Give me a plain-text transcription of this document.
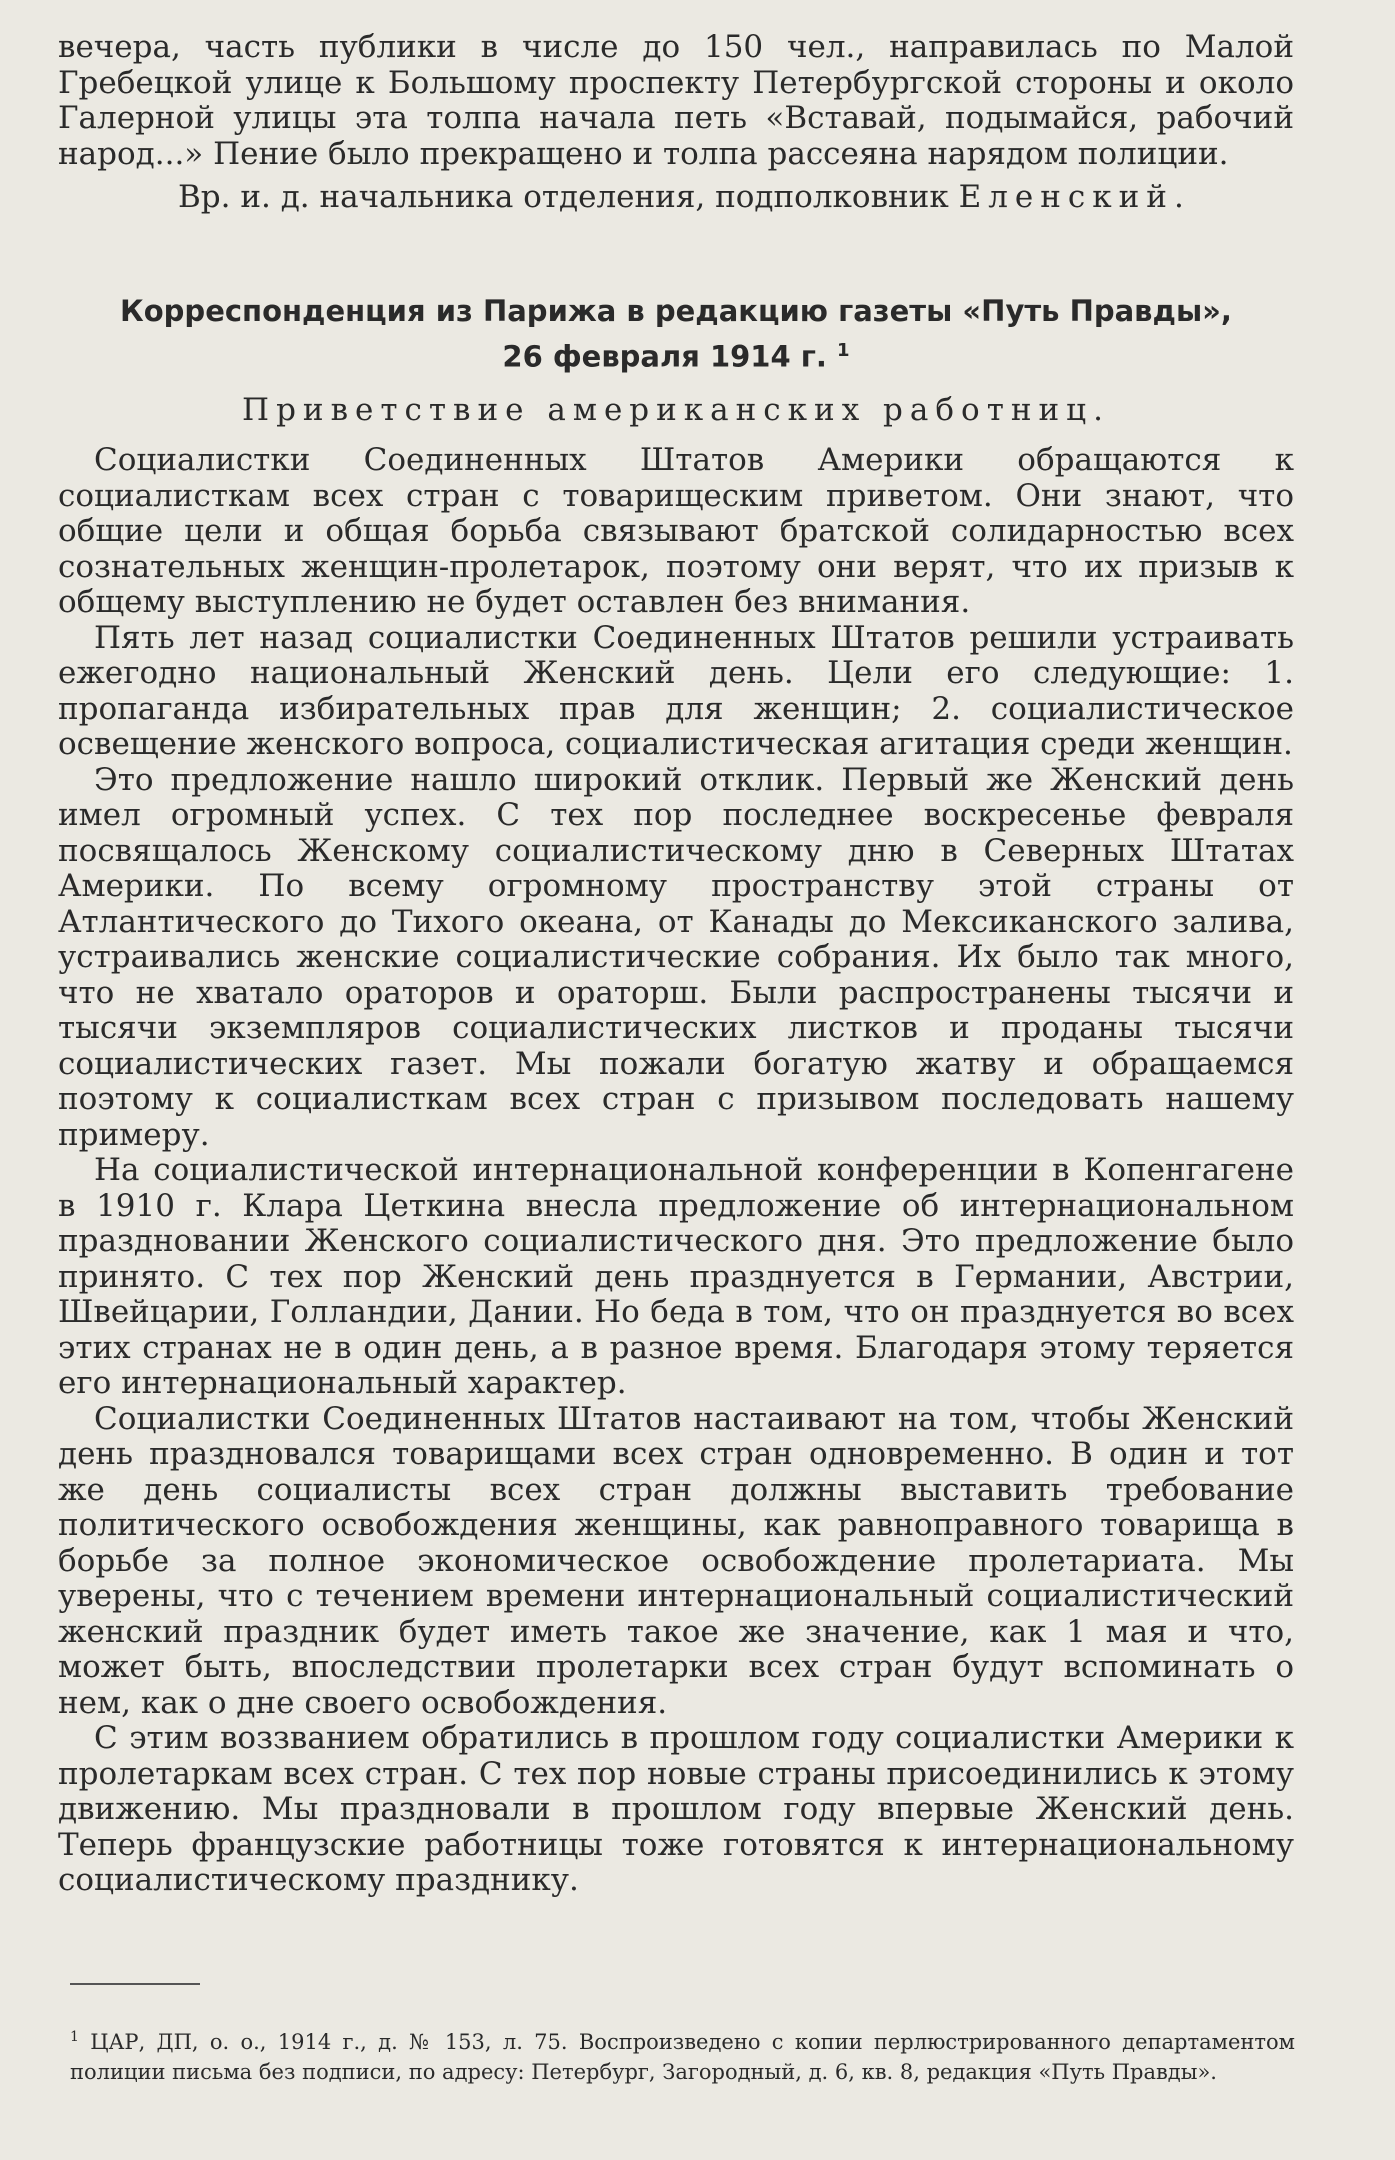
вечера, часть публики в числе до 150 чел., направилась по Малой Гребецкой улице к Большому проспекту Петербургской стороны и около Галерной улицы эта толпа начала петь «Вставай, подымайся, рабочий народ...» Пение было прекращено и толпа рассеяна нарядом полиции.

Вр. и. д. начальника отделения, подполковник Еленский.

Корреспонденция из Парижа в редакцию газеты «Путь Правды»,

26 февраля 1914 г. $^1$

Приветствие американских работниц.

Социалистки Соединенных Штатов Америки обращаются к социалисткам всех стран с товарищеским приветом. Они знают, что общие цели и общая борьба связывают братской солидарностью всех сознательных женщин-пролетарок, поэтому они верят, что их призыв к общему выступлению не будет оставлен без внимания.

Пять лет назад социалистки Соединенных Штатов решили устраивать ежегодно национальный Женский день. Цели его следующие: 1. пропаганда избирательных прав для женщин; 2. социалистическое освещение женского вопроса, социалистическая агитация среди женщин.

Это предложение нашло широкий отклик. Первый же Женский день имел огромный успех. С тех пор последнее воскресенье февраля посвящалось Женскому социалистическому дню в Северных Штатах Америки. По всему огромному пространству этой страны от Атлантического до Тихого океана, от Канады до Мексиканского залива, устраивались женские социалистические собрания. Их было так много, что не хватало ораторов и ораторш. Были распространены тысячи и тысячи экземпляров социалистических листков и проданы тысячи социалистических газет. Мы пожали богатую жатву и обращаемся поэтому к социалисткам всех стран с призывом последовать нашему примеру.

На социалистической интернациональной конференции в Копенгагене в 1910 г. Клара Цеткина внесла предложение об интернациональном праздновании Женского социалистического дня. Это предложение было принято. С тех пор Женский день празднуется в Германии, Австрии, Швейцарии, Голландии, Дании. Но беда в том, что он празднуется во всех этих странах не в один день, а в разное время. Благодаря этому теряется его интернациональный характер.

Социалистки Соединенных Штатов настаивают на том, чтобы Женский день праздновался товарищами всех стран одновременно. В один и тот же день социалисты всех стран должны выставить требование политического освобождения женщины, как равноправного товарища в борьбе за полное экономическое освобождение пролетариата. Мы уверены, что с течением времени интернациональный социалистический женский праздник будет иметь такое же значение, как 1 мая и что, может быть, впоследствии пролетарки всех стран будут вспоминать о нем, как о дне своего освобождения.

С этим воззванием обратились в прошлом году социалистки Америки к пролетаркам всех стран. С тех пор новые страны присоединились к этому движению. Мы праздновали в прошлом году впервые Женский день. Теперь французские работницы тоже готовятся к интернациональному социалистическому празднику.

$^1$ ЦАР, ДП, о. о., 1914 г., д. № 153, л. 75. Воспроизведено с копии перлюстрированного департаментом полиции письма без подписи, по адресу: Петербург, Загородный, д. 6, кв. 8, редакция «Путь Правды».
